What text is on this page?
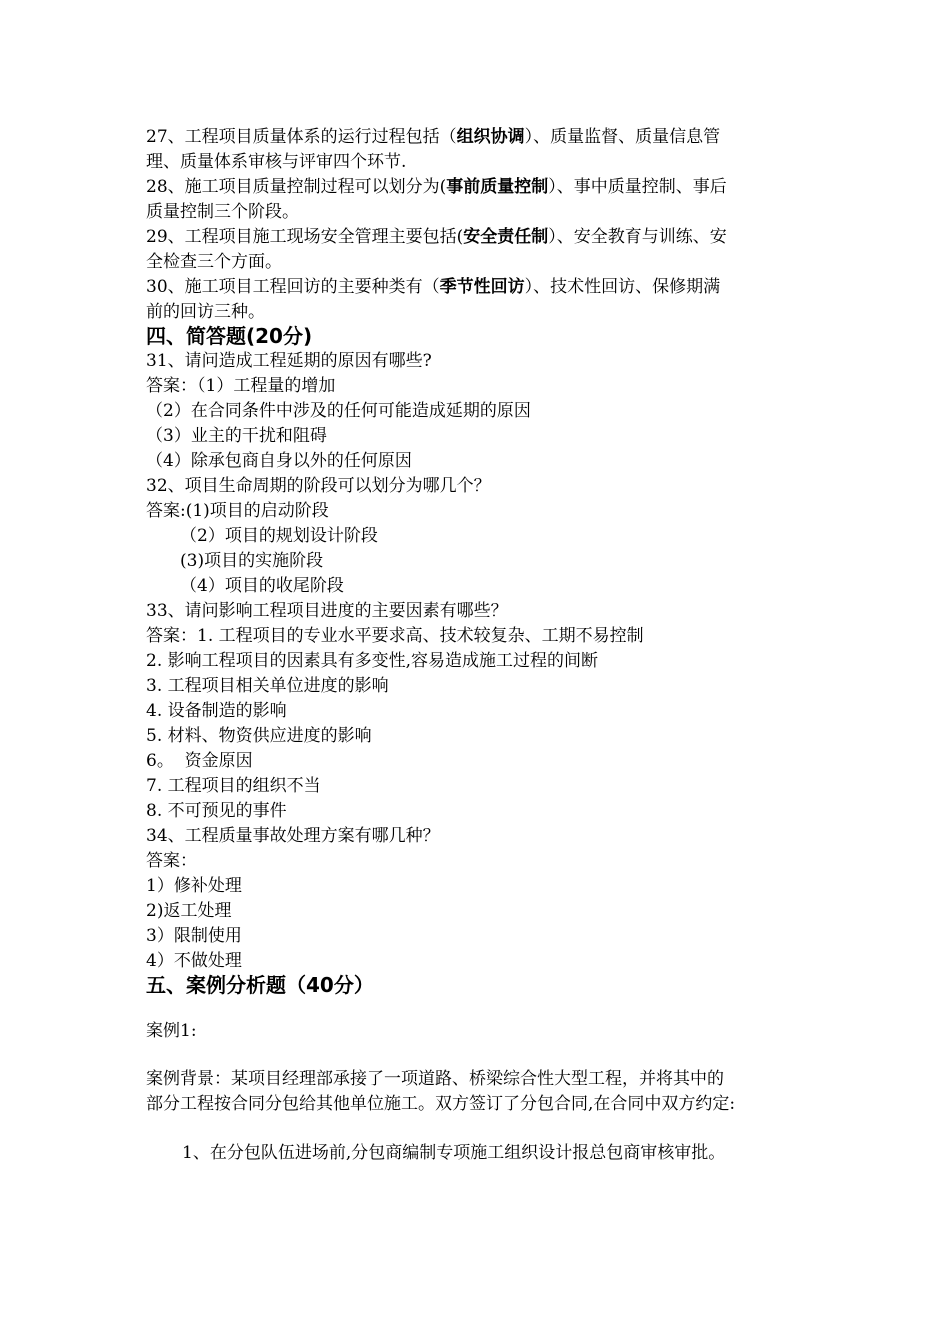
27、工程项目质量体系的运行过程包括（组织协调）、质量监督、质量信息管
理、质量体系审核与评审四个环节.
28、施工项目质量控制过程可以划分为(事前质量控制）、事中质量控制、事后
质量控制三个阶段。
29、工程项目施工现场安全管理主要包括(安全责任制）、安全教育与训练、安
全检查三个方面。
30、施工项目工程回访的主要种类有（季节性回访）、技术性回访、保修期满
前的回访三种。
四、简答题(20分)
31、请问造成工程延期的原因有哪些?
答案：（1）工程量的增加
（2）在合同条件中涉及的任何可能造成延期的原因
（3）业主的干扰和阻碍
（4）除承包商自身以外的任何原因
32、项目生命周期的阶段可以划分为哪几个？
答案:(1)项目的启动阶段
（2）项目的规划设计阶段
(3)项目的实施阶段
（4）项目的收尾阶段
33、请问影响工程项目进度的主要因素有哪些？
答案：1. 工程项目的专业水平要求高、技术较复杂、工期不易控制
2. 影响工程项目的因素具有多变性,容易造成施工过程的间断
3. 工程项目相关单位进度的影响
4. 设备制造的影响
5. 材料、物资供应进度的影响
6。  资金原因
7. 工程项目的组织不当
8. 不可预见的事件
34、工程质量事故处理方案有哪几种？
答案：
1）修补处理
2)返工处理
3）限制使用
4）不做处理
五、案例分析题（40分）
案例1:
案例背景：某项目经理部承接了一项道路、桥梁综合性大型工程，并将其中的
部分工程按合同分包给其他单位施工。双方签订了分包合同,在合同中双方约定:
1、在分包队伍进场前,分包商编制专项施工组织设计报总包商审核审批。
